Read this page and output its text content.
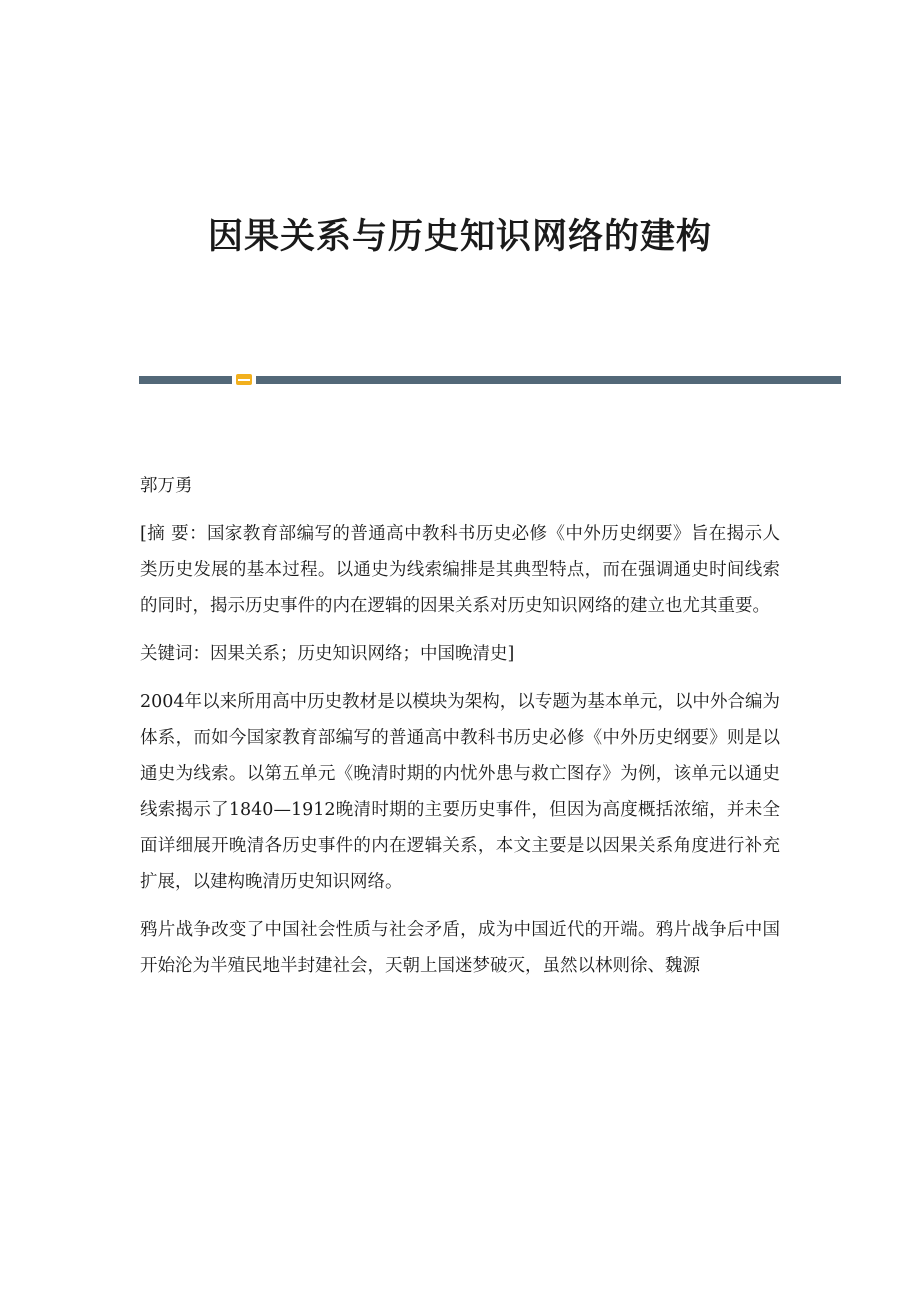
因果关系与历史知识网络的建构

郭万勇

[摘 要：国家教育部编写的普通高中教科书历史必修《中外历史纲要》旨在揭示人类历史发展的基本过程。以通史为线索编排是其典型特点，而在强调通史时间线索的同时，揭示历史事件的内在逻辑的因果关系对历史知识网络的建立也尤其重要。

关键词：因果关系；历史知识网络；中国晚清史]

2004年以来所用高中历史教材是以模块为架构，以专题为基本单元，以中外合编为体系，而如今国家教育部编写的普通高中教科书历史必修《中外历史纲要》则是以通史为线索。以第五单元《晚清时期的内忧外患与救亡图存》为例，该单元以通史线索揭示了1840—1912晚清时期的主要历史事件，但因为高度概括浓缩，并未全面详细展开晚清各历史事件的内在逻辑关系，本文主要是以因果关系角度进行补充扩展，以建构晚清历史知识网络。

鸦片战争改变了中国社会性质与社会矛盾，成为中国近代的开端。鸦片战争后中国开始沦为半殖民地半封建社会，天朝上国迷梦破灭，虽然以林则徐、魏源
